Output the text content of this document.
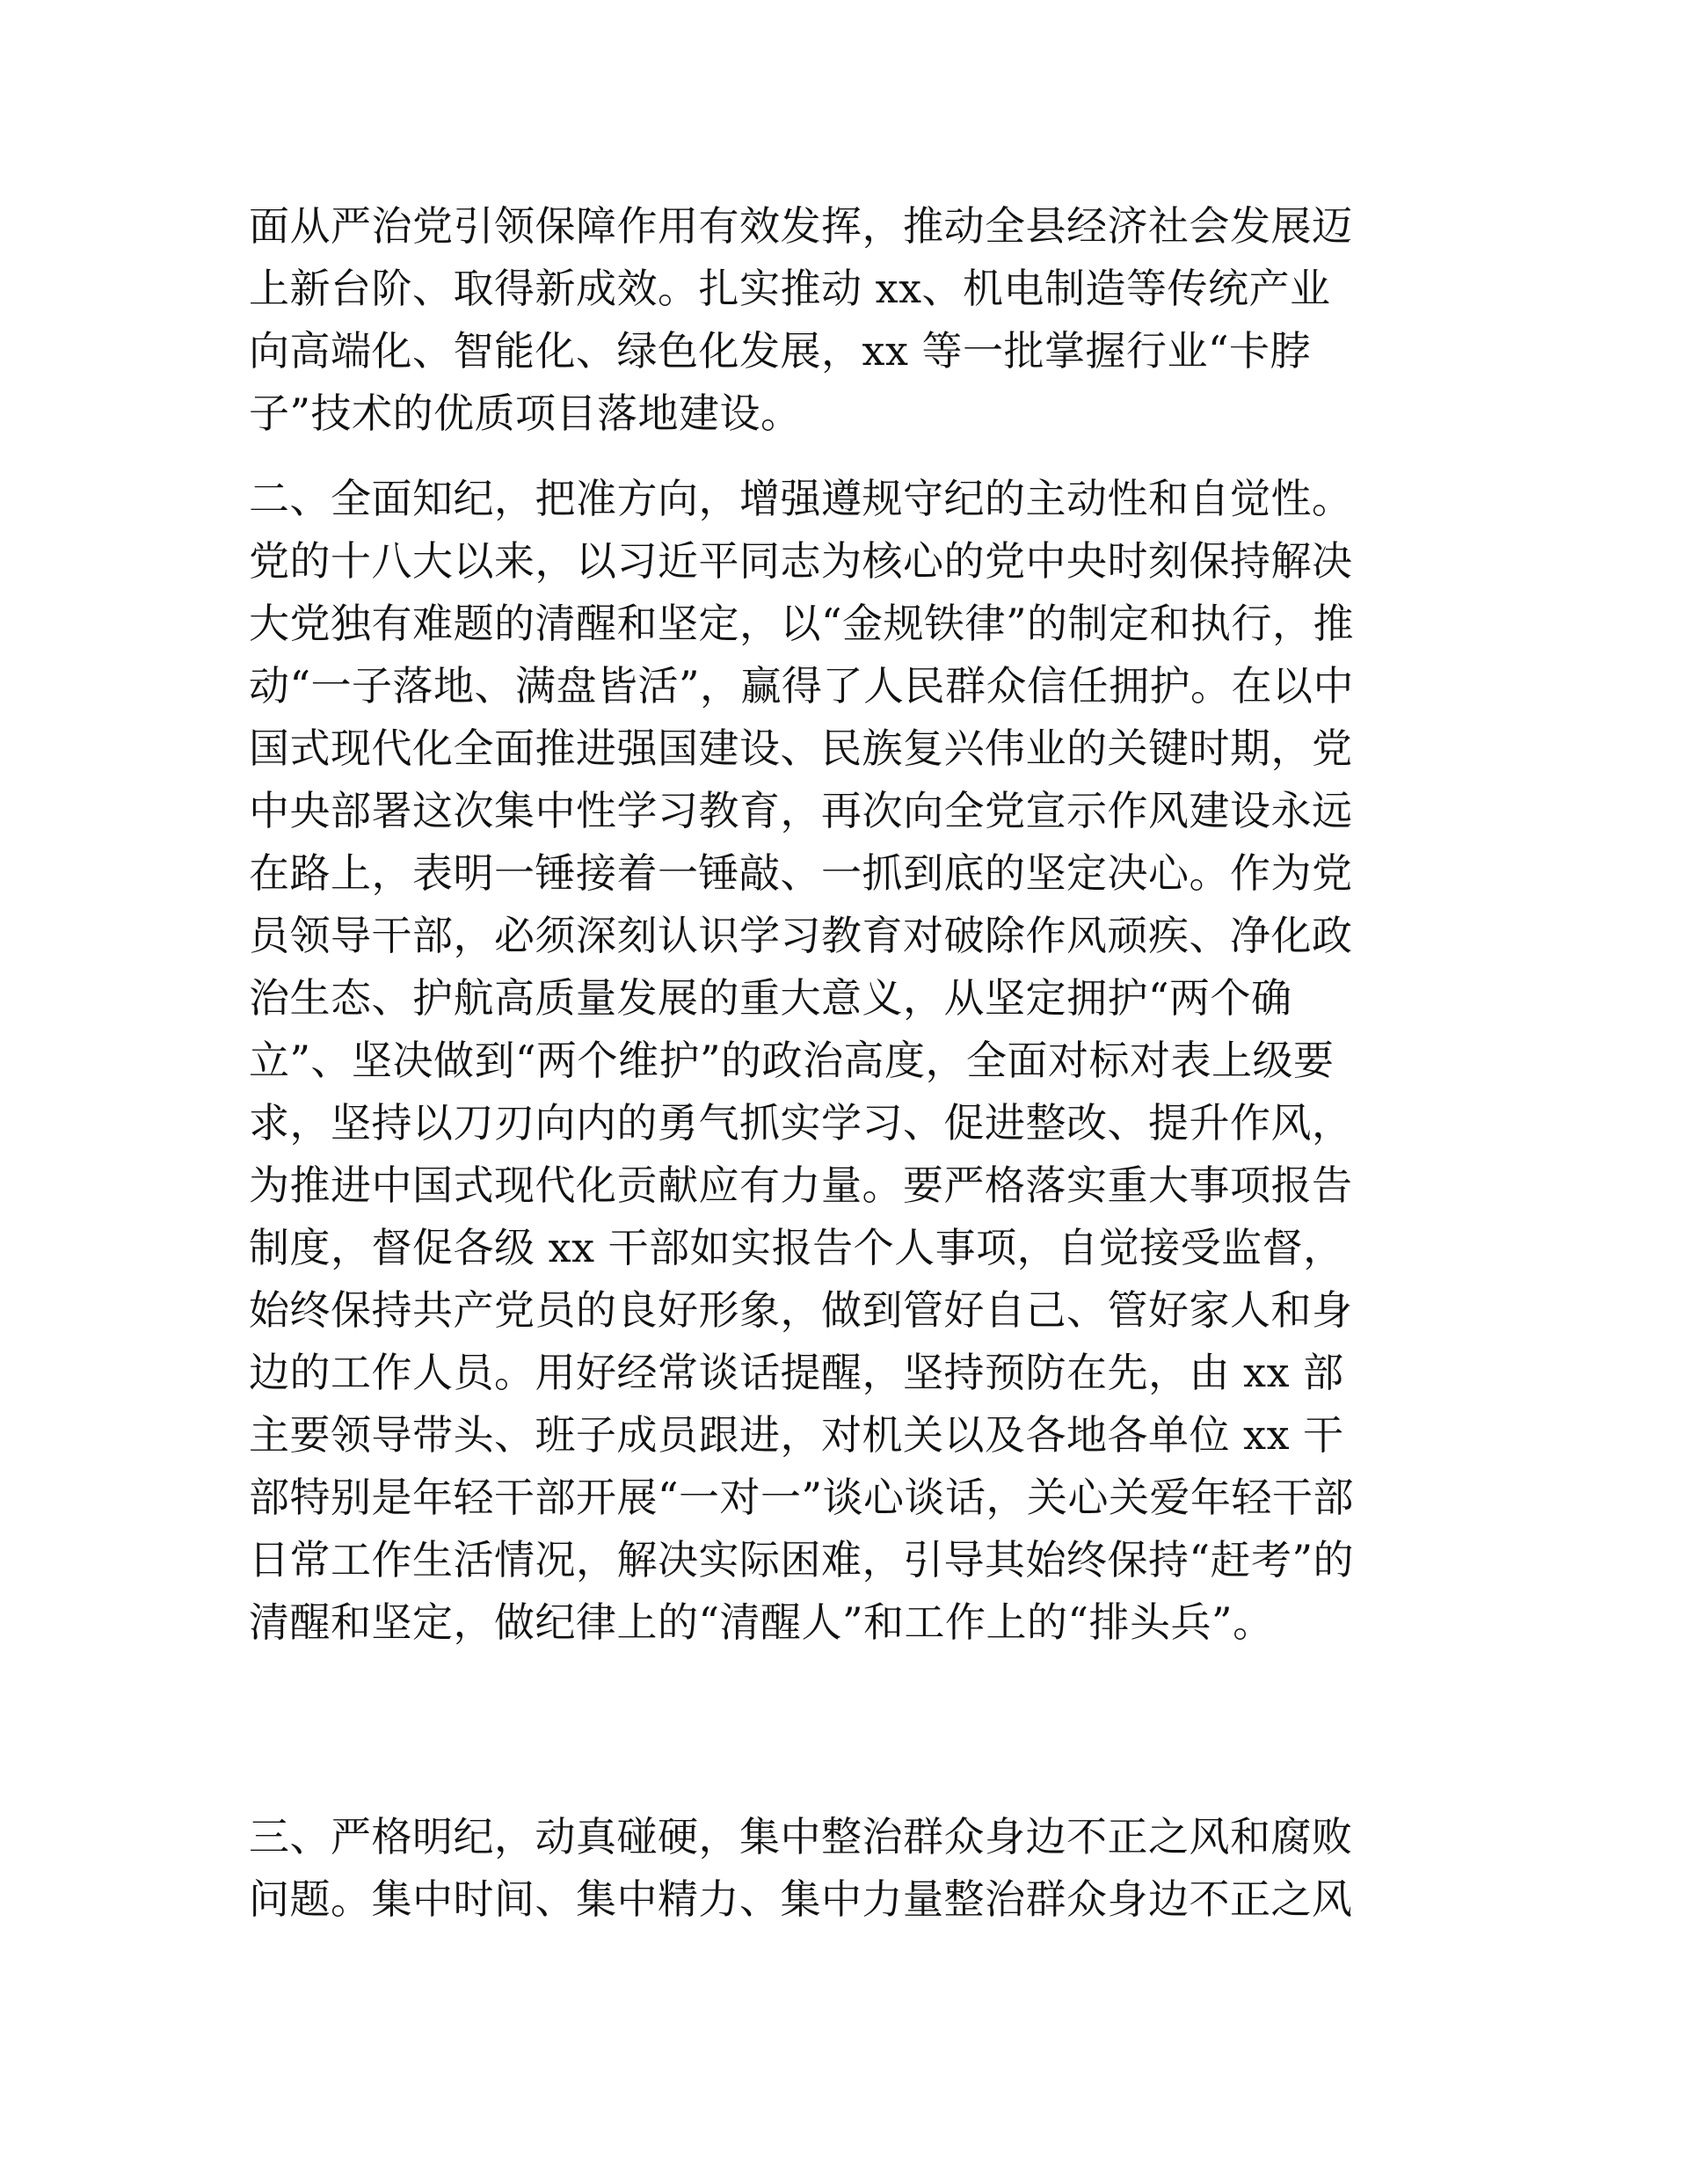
面从严治党引领保障作用有效发挥，推动全县经济社会发展迈
上新台阶、取得新成效。扎实推动 xx、机电制造等传统产业
向高端化、智能化、绿色化发展，xx 等一批掌握行业“卡脖
子”技术的优质项目落地建设。
二、全面知纪，把准方向，增强遵规守纪的主动性和自觉性。
党的十八大以来，以习近平同志为核心的党中央时刻保持解决
大党独有难题的清醒和坚定，以“金规铁律”的制定和执行，推
动“一子落地、满盘皆活”，赢得了人民群众信任拥护。在以中
国式现代化全面推进强国建设、民族复兴伟业的关键时期，党
中央部署这次集中性学习教育，再次向全党宣示作风建设永远
在路上，表明一锤接着一锤敲、一抓到底的坚定决心。作为党
员领导干部，必须深刻认识学习教育对破除作风顽疾、净化政
治生态、护航高质量发展的重大意义，从坚定拥护“两个确
立”、坚决做到“两个维护”的政治高度，全面对标对表上级要
求，坚持以刀刃向内的勇气抓实学习、促进整改、提升作风，
为推进中国式现代化贡献应有力量。要严格落实重大事项报告
制度，督促各级 xx 干部如实报告个人事项，自觉接受监督，
始终保持共产党员的良好形象，做到管好自己、管好家人和身
边的工作人员。用好经常谈话提醒，坚持预防在先，由 xx 部
主要领导带头、班子成员跟进，对机关以及各地各单位 xx 干
部特别是年轻干部开展“一对一”谈心谈话，关心关爱年轻干部
日常工作生活情况，解决实际困难，引导其始终保持“赶考”的
清醒和坚定，做纪律上的“清醒人”和工作上的“排头兵”。
三、严格明纪，动真碰硬，集中整治群众身边不正之风和腐败
问题。集中时间、集中精力、集中力量整治群众身边不正之风
